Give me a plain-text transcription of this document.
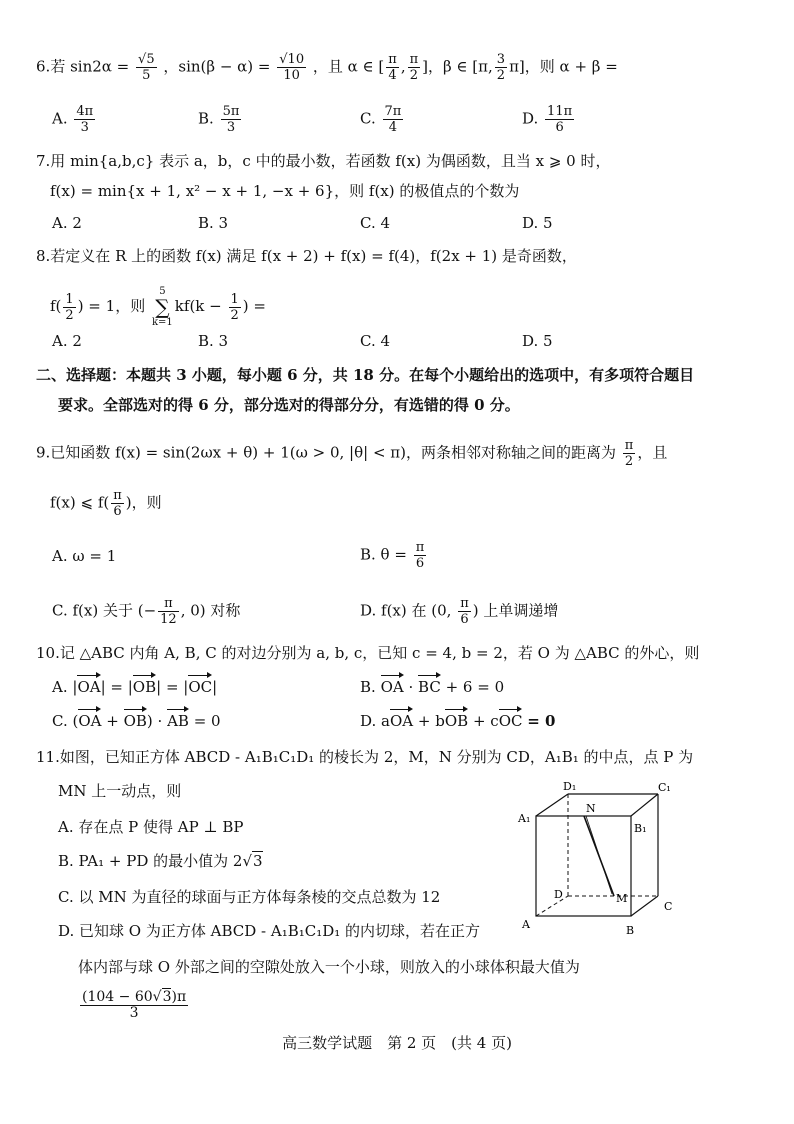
6.若 $\sin 2\alpha = \frac{√5}{5}$ ，$\sin(\beta - \alpha) = \frac{√10}{10}$ ，且 α ∈ [ $\frac{\pi}{4}$ , $\frac{\pi}{2}$ ]，β ∈ [π, $\frac{3}{2} \pi$]，则 α + β =
A. $\frac{4\pi}{3}$	B. $\frac{5\pi}{3}$	C. $\frac{7\pi}{4}$	D. $\frac{11\pi}{6}$
7.用 min{a,b,c} 表示 a，b，c 中的最小数，若函数 f(x) 为偶函数，且当 x ⩾ 0 时，
f(x) = min{x + 1, x² − x + 1, −x + 6}，则 f(x) 的极值点的个数为
A. 2	B. 3	C. 4	D. 5
8.若定义在 R 上的函数 f(x) 满足 f(x + 2) + f(x) = f(4)，f(2x + 1) 是奇函数，
$f( \frac{1}{2}$ ) = 1，则 5
∑
$k=1kf(k - \frac{1}{2}$ ) =
A. 2	B. 3	C. 4	D. 5
二、选择题：本题共 3 小题，每小题 6 分，共 18 分。在每个小题给出的选项中，有多项符合题目
要求。全部选对的得 6 分，部分选对的得部分分，有选错的得 0 分。
9.已知函数 f(x) = sin(2ωx + θ) + 1(ω > 0, |θ| < π)，两条相邻对称轴之间的距离为 $\frac{\pi}{2}$ ，且
f(x) ⩽ $f( \frac{\pi}{6}$ )，则
A. ω = 1	B. $\theta = \frac{\pi}{6}$
C. f(x) 关于 (− $\frac{\pi}{12}$ , 0) 对称	D. f(x) 在 (0, $\frac{\pi}{6}$ ) 上单调递增
10.记 △ABC 内角 A, B, C 的对边分别为 a, b, c，已知 c = 4, b = 2，若 O 为 △ABC 的外心，则
A. |OA| = |OB| = |OC|	B. OA · BC + 6 = 0
C. (OA + OB) · AB = 0	D. aOA + bOB + cOC = 0
11.如图，已知正方体 ABCD - A₁B₁C₁D₁ 的棱长为 2，M，N 分别为 CD，A₁B₁ 的中点，点 P 为
MN 上一动点，则
A. 存在点 P 使得 AP ⊥ BP
B. PA₁ + PD 的最小值为 2√3
C. 以 MN 为直径的球面与正方体每条棱的交点总数为 12
D. 已知球 O 为正方体 ABCD - A₁B₁C₁D₁ 的内切球，若在正方
体内部与球 O 外部之间的空隙处放入一个小球，则放入的小球体积最大值为
$\frac{(104 - 60√3)\pi}{3}$
D₁	C₁
A₁
B₁
N
D	M
C
A	B
高三数学试题　第 2 页　(共 4 页)
